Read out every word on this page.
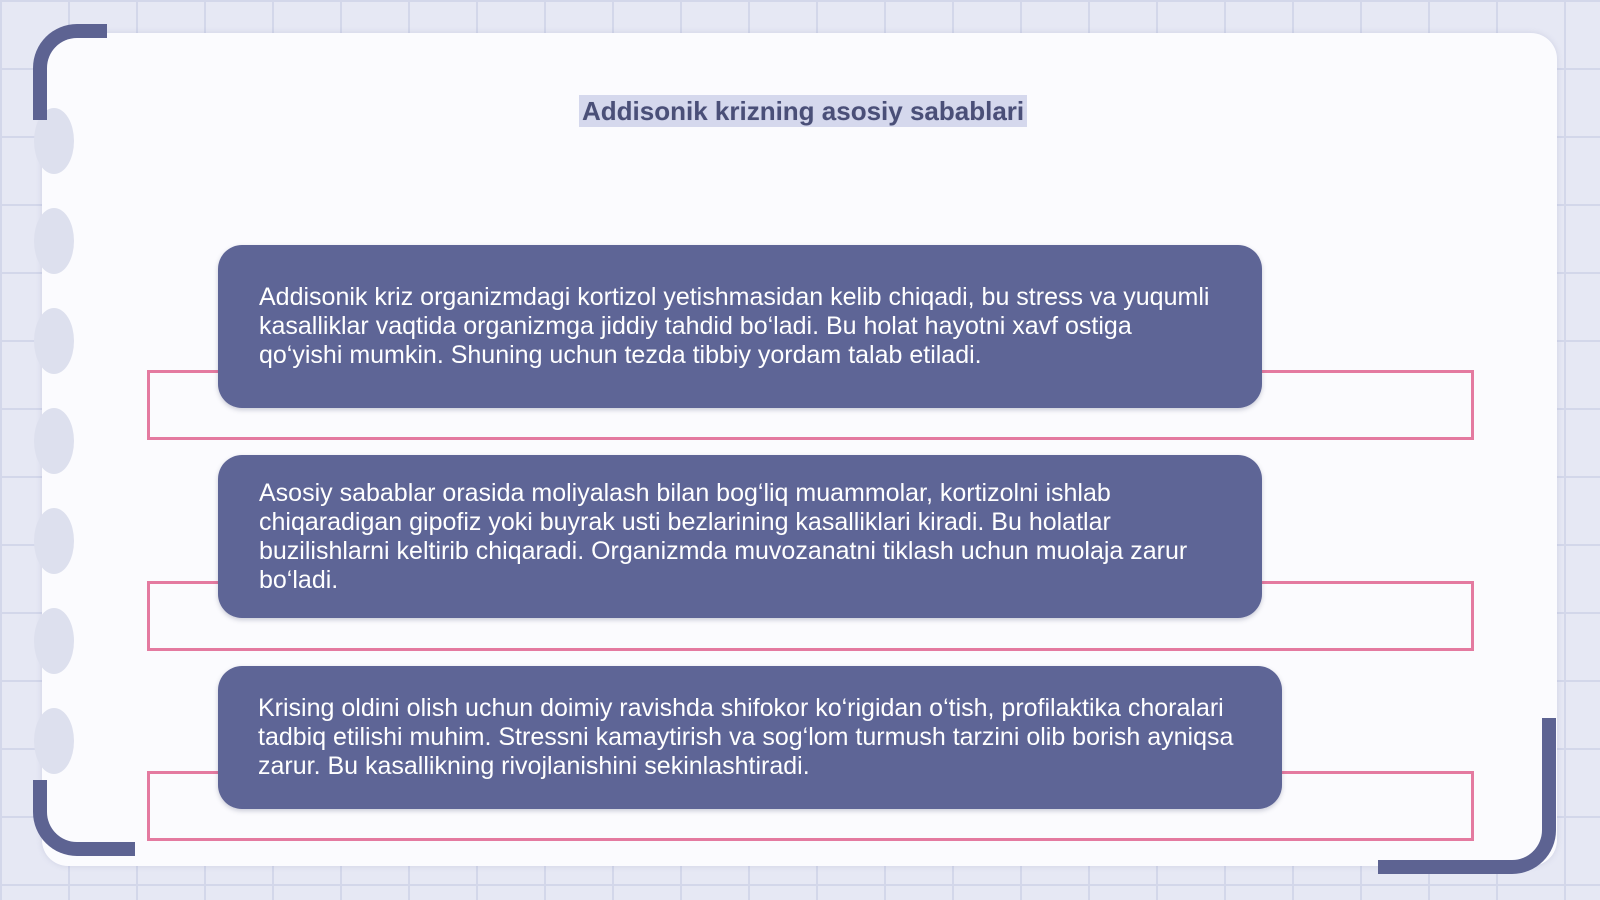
Addisonik krizning asosiy sabablari

Addisonik kriz organizmdagi kortizol yetishmasidan kelib chiqadi, bu stress va yuqumli kasalliklar vaqtida organizmga jiddiy tahdid bo‘ladi. Bu holat hayotni xavf ostiga qo‘yishi mumkin. Shuning uchun tezda tibbiy yordam talab etiladi.

Asosiy sabablar orasida moliyalash bilan bog‘liq muammolar, kortizolni ishlab chiqaradigan gipofiz yoki buyrak usti bezlarining kasalliklari kiradi. Bu holatlar buzilishlarni keltirib chiqaradi. Organizmda muvozanatni tiklash uchun muolaja zarur bo‘ladi.

Krising oldini olish uchun doimiy ravishda shifokor ko‘rigidan o‘tish, profilaktika choralari tadbiq etilishi muhim. Stressni kamaytirish va sog‘lom turmush tarzini olib borish ayniqsa zarur. Bu kasallikning rivojlanishini sekinlashtiradi.
